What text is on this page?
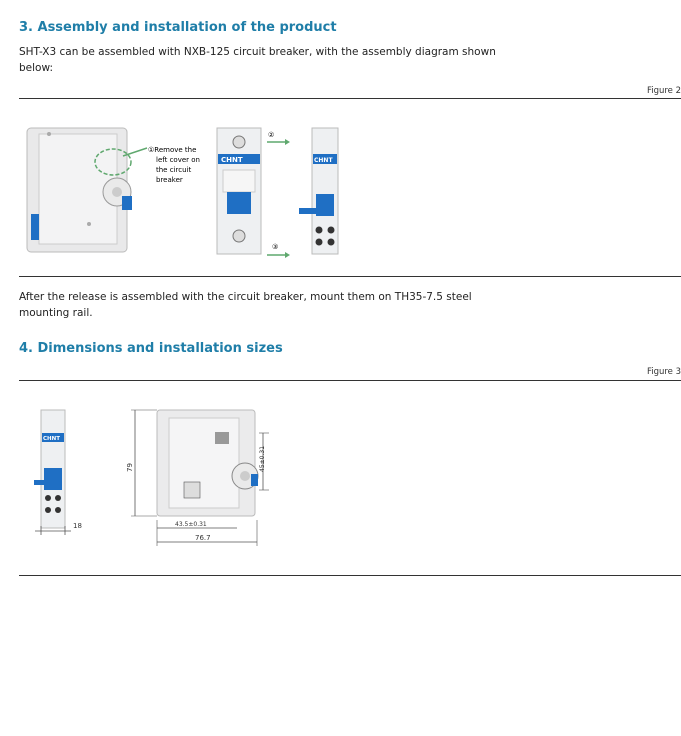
3. Assembly and installation of the product
SHT-X3 can be assembled with NXB-125 circuit breaker, with the assembly diagram shown
below:
Figure 2
①Remove the
left cover on
the circuit
breaker
CHNT
②
③
CHNT
After the release is assembled with the circuit breaker, mount them on TH35-7.5 steel
mounting rail.
4. Dimensions and installation sizes
Figure 3
CHNT
18
79	45±0.31
43.5±0.31
76.7
